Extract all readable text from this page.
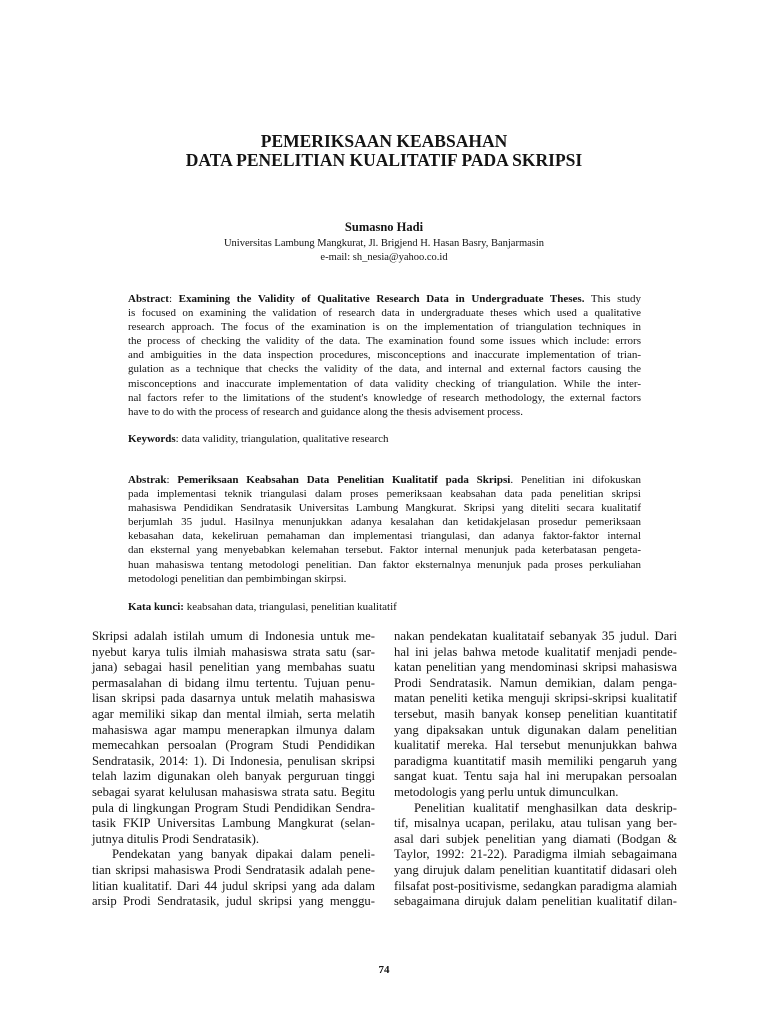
PEMERIKSAAN KEABSAHAN
DATA PENELITIAN KUALITATIF PADA SKRIPSI
Sumasno Hadi
Universitas Lambung Mangkurat, Jl. Brigjend H. Hasan Basry, Banjarmasin
e-mail: sh_nesia@yahoo.co.id
Abstract: Examining the Validity of Qualitative Research Data in Undergraduate Theses. This study
is focused on examining the validation of research data in undergraduate theses which used a qualitative
research approach. The focus of the examination is on the implementation of triangulation techniques in
the process of checking the validity of the data. The examination found some issues which include: errors
and ambiguities in the data inspection procedures, misconceptions and inaccurate implementation of trian-
gulation as a technique that checks the validity of the data, and internal and external factors causing the
misconceptions and inaccurate implementation of data validity checking of triangulation. While the inter-
nal factors refer to the limitations of the student's knowledge of research methodology, the external factors
have to do with the process of research and guidance along the thesis advisement process.
Keywords: data validity, triangulation, qualitative research
Abstrak: Pemeriksaan Keabsahan Data Penelitian Kualitatif pada Skripsi. Penelitian ini difokuskan
pada implementasi teknik triangulasi dalam proses pemeriksaan keabsahan data pada penelitian skripsi
mahasiswa Pendidikan Sendratasik Universitas Lambung Mangkurat. Skripsi yang diteliti secara kualitatif
berjumlah 35 judul. Hasilnya menunjukkan adanya kesalahan dan ketidakjelasan prosedur pemeriksaan
kebasahan data, kekeliruan pemahaman dan implementasi triangulasi, dan adanya faktor-faktor internal
dan eksternal yang menyebabkan kelemahan tersebut. Faktor internal menunjuk pada keterbatasan pengeta-
huan mahasiswa tentang metodologi penelitian. Dan faktor eksternalnya menunjuk pada proses perkuliahan
metodologi penelitian dan pembimbingan skirpsi.
Kata kunci: keabsahan data, triangulasi, penelitian kualitatif
Skripsi adalah istilah umum di Indonesia untuk me-
nyebut karya tulis ilmiah mahasiswa strata satu (sar-
jana) sebagai hasil penelitian yang membahas suatu
permasalahan di bidang ilmu tertentu. Tujuan penu-
lisan skripsi pada dasarnya untuk melatih mahasiswa
agar memiliki sikap dan mental ilmiah, serta melatih
mahasiswa agar mampu menerapkan ilmunya dalam
memecahkan persoalan (Program Studi Pendidikan
Sendratasik, 2014: 1). Di Indonesia, penulisan skripsi
telah lazim digunakan oleh banyak perguruan tinggi
sebagai syarat kelulusan mahasiswa strata satu. Begitu
pula di lingkungan Program Studi Pendidikan Sendra-
tasik FKIP Universitas Lambung Mangkurat (selan-
jutnya ditulis Prodi Sendratasik).
Pendekatan yang banyak dipakai dalam peneli-
tian skripsi mahasiswa Prodi Sendratasik adalah pene-
litian kualitatif. Dari 44 judul skripsi yang ada dalam
arsip Prodi Sendratasik, judul skripsi yang menggu-
nakan pendekatan kualitataif sebanyak 35 judul. Dari
hal ini jelas bahwa metode kualitatif menjadi pende-
katan penelitian yang mendominasi skripsi mahasiswa
Prodi Sendratasik. Namun demikian, dalam penga-
matan peneliti ketika menguji skripsi-skripsi kualitatif
tersebut, masih banyak konsep penelitian kuantitatif
yang dipaksakan untuk digunakan dalam penelitian
kualitatif mereka. Hal tersebut menunjukkan bahwa
paradigma kuantitatif masih memiliki pengaruh yang
sangat kuat. Tentu saja hal ini merupakan persoalan
metodologis yang perlu untuk dimunculkan.
Penelitian kualitatif menghasilkan data deskrip-
tif, misalnya ucapan, perilaku, atau tulisan yang ber-
asal dari subjek penelitian yang diamati (Bodgan &
Taylor, 1992: 21-22). Paradigma ilmiah sebagaimana
yang dirujuk dalam penelitian kuantitatif didasari oleh
filsafat post-positivisme, sedangkan paradigma alamiah
sebagaimana dirujuk dalam penelitian kualitatif dilan-
74
